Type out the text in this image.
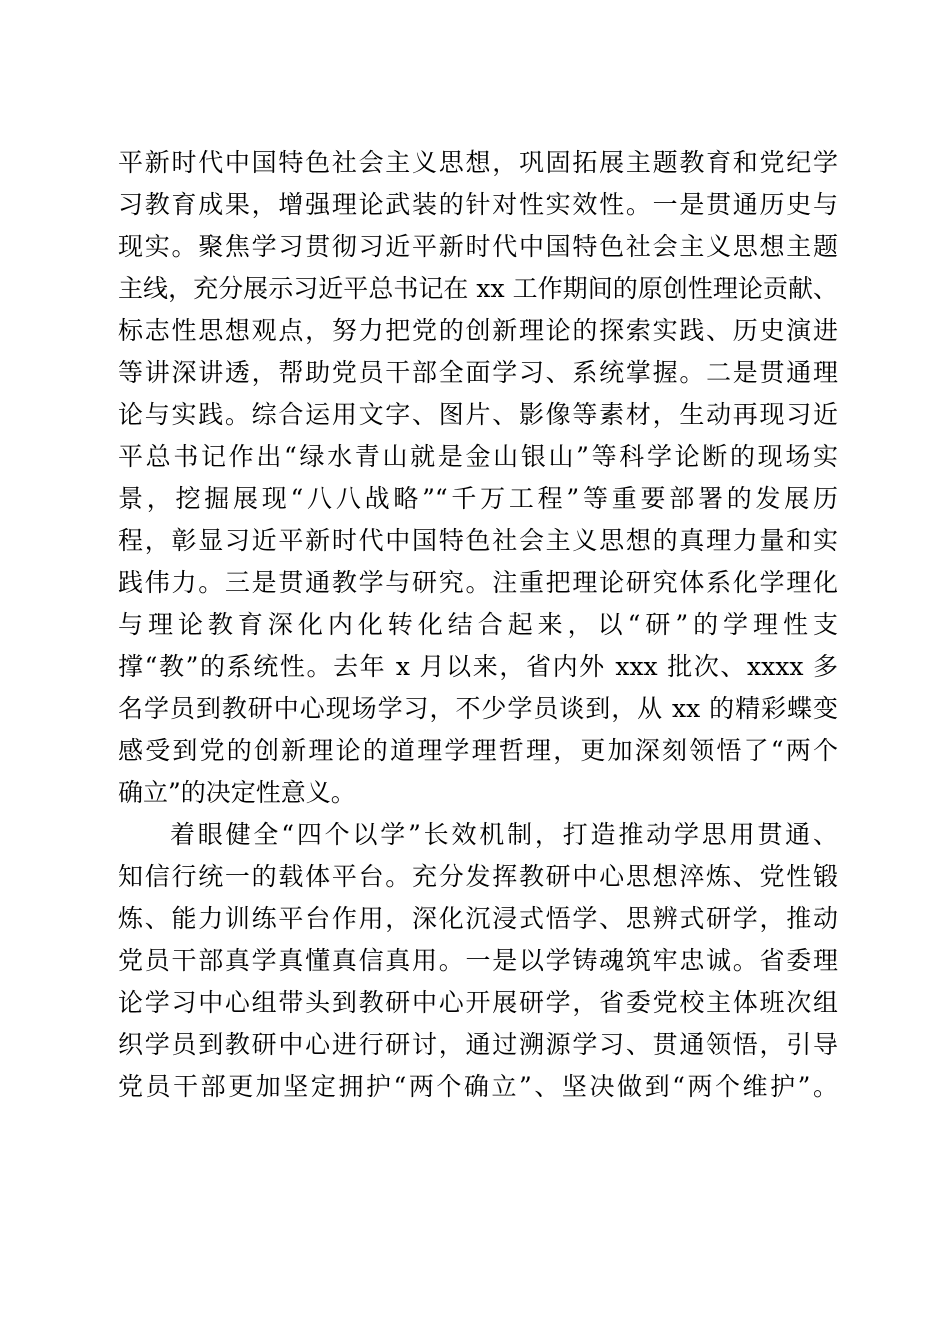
平新时代中国特色社会主义思想，巩固拓展主题教育和党纪学
习教育成果，增强理论武装的针对性实效性。一是贯通历史与
现实。聚焦学习贯彻习近平新时代中国特色社会主义思想主题
主线，充分展示习近平总书记在 xx 工作期间的原创性理论贡献、
标志性思想观点，努力把党的创新理论的探索实践、历史演进
等讲深讲透，帮助党员干部全面学习、系统掌握。二是贯通理
论与实践。综合运用文字、图片、影像等素材，生动再现习近
平总书记作出“绿水青山就是金山银山”等科学论断的现场实
景，挖掘展现“八八战略”“千万工程”等重要部署的发展历
程，彰显习近平新时代中国特色社会主义思想的真理力量和实
践伟力。三是贯通教学与研究。注重把理论研究体系化学理化
与理论教育深化内化转化结合起来，以“研”的学理性支
撑“教”的系统性。去年 x 月以来，省内外 xxx 批次、xxxx 多
名学员到教研中心现场学习，不少学员谈到，从 xx 的精彩蝶变
感受到党的创新理论的道理学理哲理，更加深刻领悟了“两个
确立”的决定性意义。
着眼健全“四个以学”长效机制，打造推动学思用贯通、
知信行统一的载体平台。充分发挥教研中心思想淬炼、党性锻
炼、能力训练平台作用，深化沉浸式悟学、思辨式研学，推动
党员干部真学真懂真信真用。一是以学铸魂筑牢忠诚。省委理
论学习中心组带头到教研中心开展研学，省委党校主体班次组
织学员到教研中心进行研讨，通过溯源学习、贯通领悟，引导
党员干部更加坚定拥护“两个确立”、坚决做到“两个维护”。
